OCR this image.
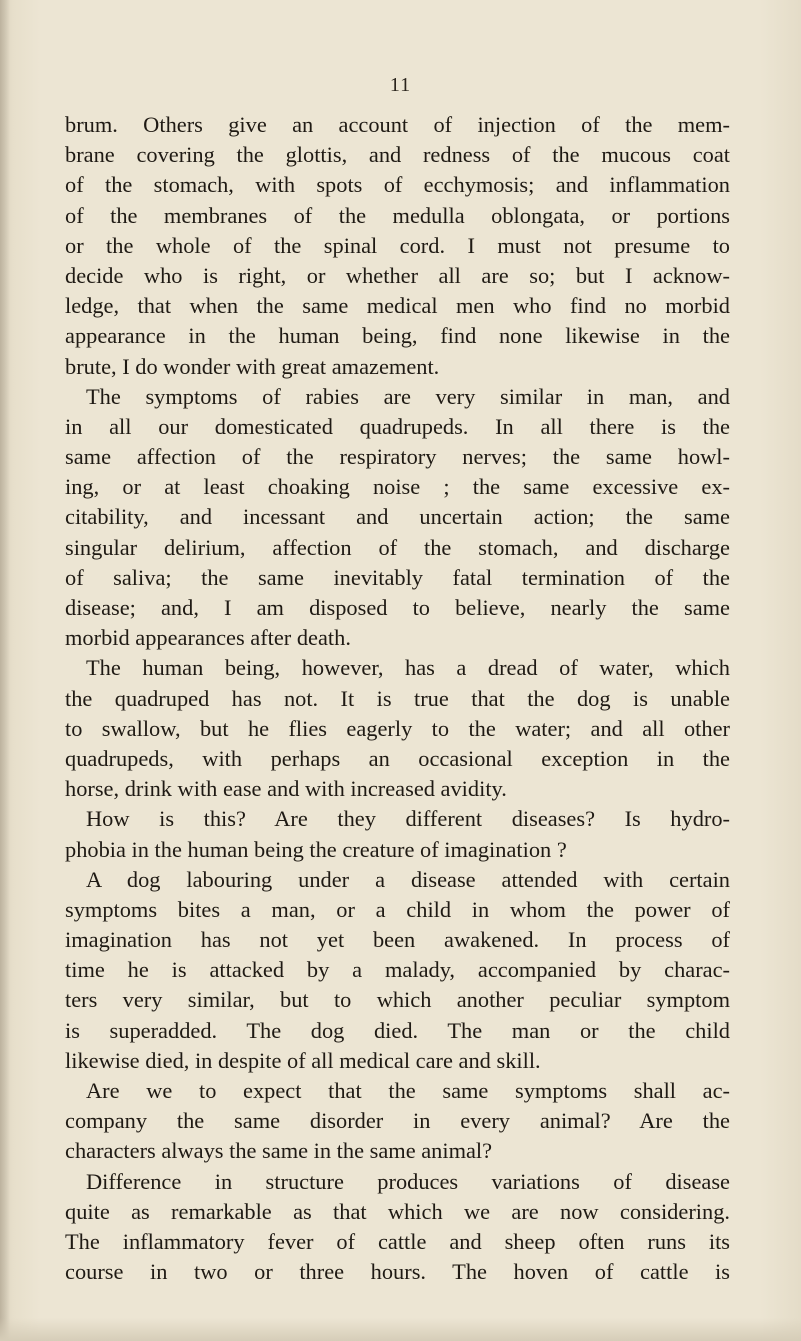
11
brum. Others give an account of injection of the mem-
brane covering the glottis, and redness of the mucous coat
of the stomach, with spots of ecchymosis; and inflammation
of the membranes of the medulla oblongata, or portions
or the whole of the spinal cord. I must not presume to
decide who is right, or whether all are so; but I acknow-
ledge, that when the same medical men who find no morbid
appearance in the human being, find none likewise in the
brute, I do wonder with great amazement.
The symptoms of rabies are very similar in man, and
in all our domesticated quadrupeds. In all there is the
same affection of the respiratory nerves; the same howl-
ing, or at least choaking noise ; the same excessive ex-
citability, and incessant and uncertain action; the same
singular delirium, affection of the stomach, and discharge
of saliva; the same inevitably fatal termination of the
disease; and, I am disposed to believe, nearly the same
morbid appearances after death.
The human being, however, has a dread of water, which
the quadruped has not. It is true that the dog is unable
to swallow, but he flies eagerly to the water; and all other
quadrupeds, with perhaps an occasional exception in the
horse, drink with ease and with increased avidity.
How is this? Are they different diseases? Is hydro-
phobia in the human being the creature of imagination ?
A dog labouring under a disease attended with certain
symptoms bites a man, or a child in whom the power of
imagination has not yet been awakened. In process of
time he is attacked by a malady, accompanied by charac-
ters very similar, but to which another peculiar symptom
is superadded. The dog died. The man or the child
likewise died, in despite of all medical care and skill.
Are we to expect that the same symptoms shall ac-
company the same disorder in every animal? Are the
characters always the same in the same animal?
Difference in structure produces variations of disease
quite as remarkable as that which we are now considering.
The inflammatory fever of cattle and sheep often runs its
course in two or three hours. The hoven of cattle is
